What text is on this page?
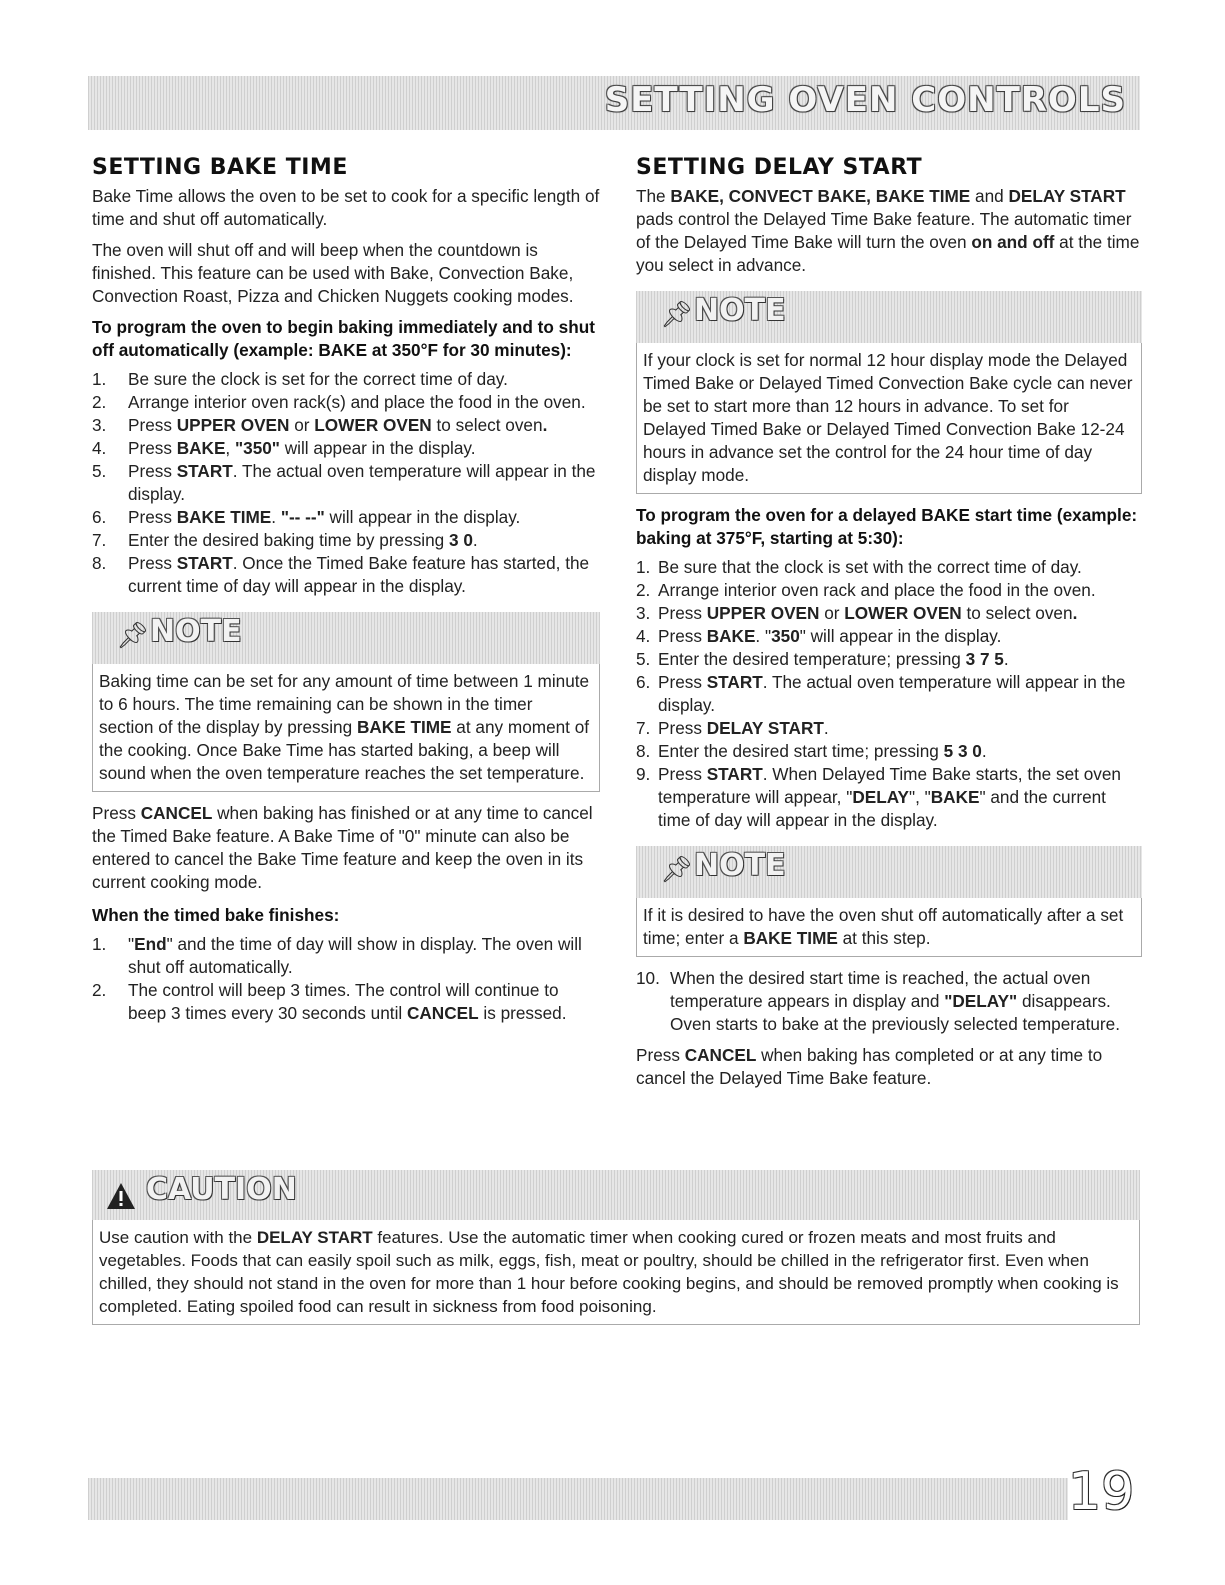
SETTING OVEN CONTROLS
SETTING BAKE TIME

Bake Time allows the oven to be set to cook for a specific length of time and shut off automatically.

The oven will shut off and will beep when the countdown is finished. This feature can be used with Bake, Convection Bake, Convection Roast, Pizza and Chicken Nuggets cooking modes.

To program the oven to begin baking immediately and to shut off automatically (example: BAKE at 350°F for 30 minutes):

1.	Be sure the clock is set for the correct time of day.
2.	Arrange interior oven rack(s) and place the food in the oven.
3.	Press UPPER OVEN or LOWER OVEN to select oven.
4.	Press BAKE, "350" will appear in the display.
5.	Press START. The actual oven temperature will appear in the display.
6.	Press BAKE TIME. "-- --" will appear in the display.
7.	Enter the desired baking time by pressing 3 0.
8.	Press START. Once the Timed Bake feature has started, the current time of day will appear in the display.
📌︎ NOTE
Baking time can be set for any amount of time between 1 minute to 6 hours. The time remaining can be shown in the timer section of the display by pressing BAKE TIME at any moment of the cooking. Once Bake Time has started baking, a beep will sound when the oven temperature reaches the set temperature.

Press CANCEL when baking has finished or at any time to cancel the Timed Bake feature. A Bake Time of "0" minute can also be entered to cancel the Bake Time feature and keep the oven in its current cooking mode.

When the timed bake finishes:

1.	"End" and the time of day will show in display. The oven will shut off automatically.
2.	The control will beep 3 times. The control will continue to beep 3 times every 30 seconds until CANCEL is pressed.
SETTING DELAY START

The BAKE, CONVECT BAKE, BAKE TIME and DELAY START pads control the Delayed Time Bake feature. The automatic timer of the Delayed Time Bake will turn the oven on and off at the time you select in advance.

📌︎ NOTE
If your clock is set for normal 12 hour display mode the Delayed Timed Bake or Delayed Timed Convection Bake cycle can never be set to start more than 12 hours in advance. To set for Delayed Timed Bake or Delayed Timed Convection Bake 12-24 hours in advance set the control for the 24 hour time of day display mode.

To program the oven for a delayed BAKE start time (example: baking at 375°F, starting at 5:30):

1. Be sure that the clock is set with the correct time of day.
2. Arrange interior oven rack and place the food in the oven.
3. Press UPPER OVEN or LOWER OVEN to select oven.
4. Press BAKE. "350" will appear in the display.
5. Enter the desired temperature; pressing 3 7 5.
6. Press START. The actual oven temperature will appear in the display.
7. Press DELAY START.
8. Enter the desired start time; pressing 5 3 0.
9. Press START. When Delayed Time Bake starts, the set oven temperature will appear, "DELAY", "BAKE" and the current time of day will appear in the display.
📌︎ NOTE
If it is desired to have the oven shut off automatically after a set time; enter a BAKE TIME at this step.
10. When the desired start time is reached, the actual oven temperature appears in display and "DELAY" disappears. Oven starts to bake at the previously selected temperature.

Press CANCEL when baking has completed or at any time to cancel the Delayed Time Bake feature.

CAUTION
Use caution with the DELAY START features. Use the automatic timer when cooking cured or frozen meats and most fruits and vegetables. Foods that can easily spoil such as milk, eggs, fish, meat or poultry, should be chilled in the refrigerator first. Even when chilled, they should not stand in the oven for more than 1 hour before cooking begins, and should be removed promptly when cooking is completed. Eating spoiled food can result in sickness from food poisoning.
19
